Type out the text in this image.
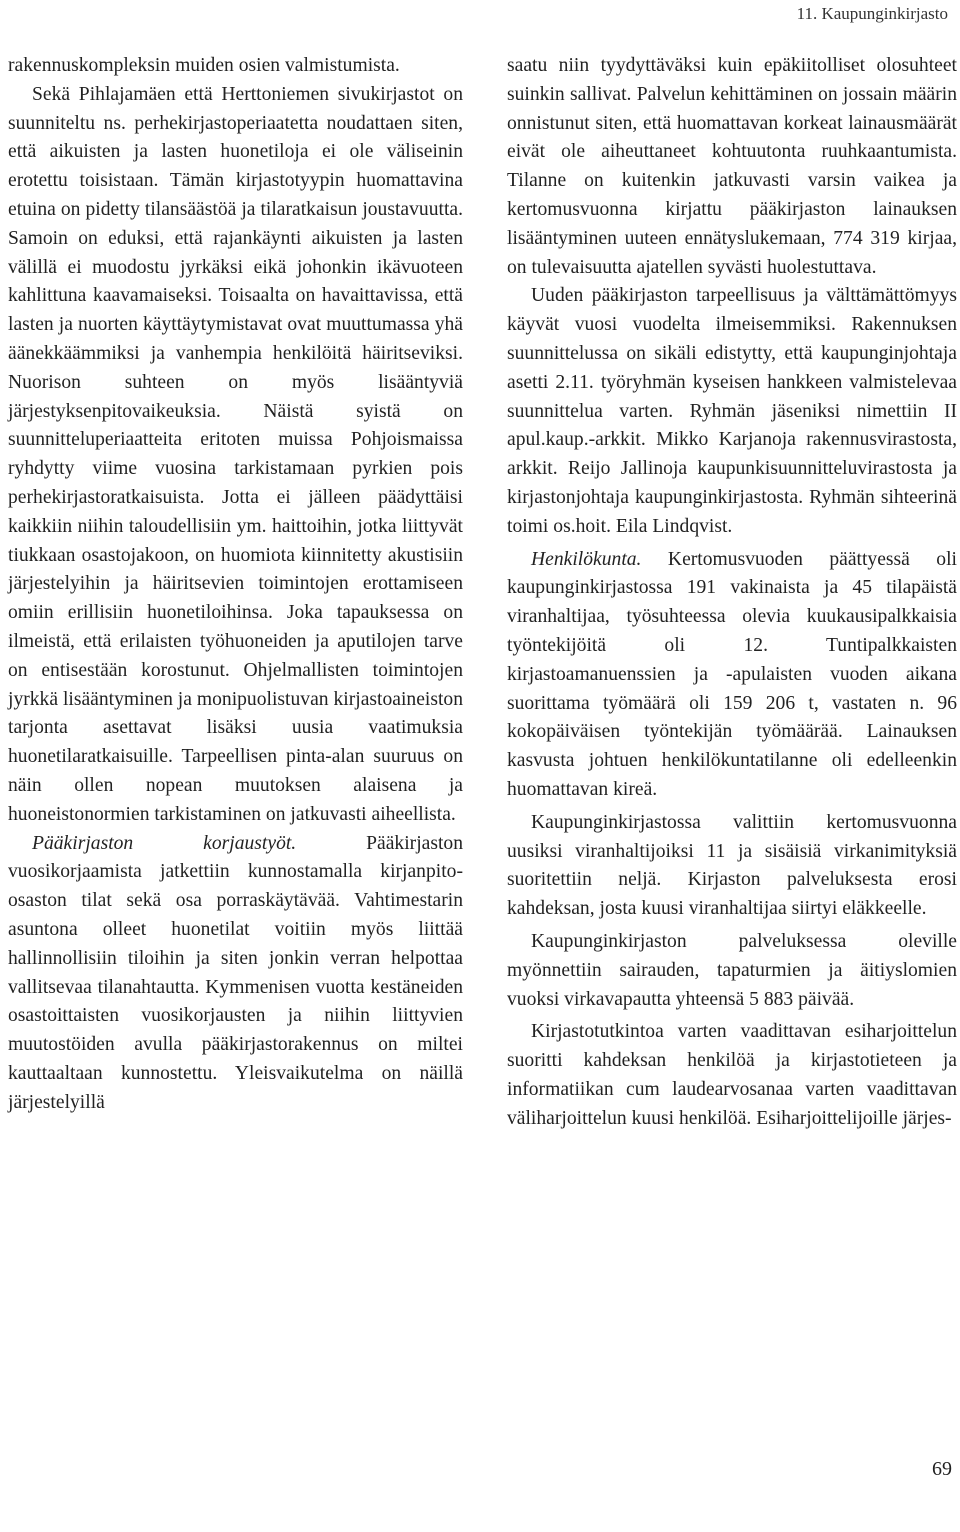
11. Kaupunginkirjasto

rakennuskompleksin muiden osien valmistumista.

Sekä Pihlajamäen että Herttoniemen sivukirjastot on suunniteltu ns. perhekirjastoperiaatetta noudattaen siten, että aikuisten ja lasten huonetiloja ei ole väliseinin erotettu toisistaan. Tämän kirjastotyypin huomattavina etuina on pidetty tilansäästöä ja tilaratkaisun joustavuutta. Samoin on eduksi, että rajankäynti aikuisten ja lasten välillä ei muodostu jyrkäksi eikä johonkin ikävuoteen kahlittuna kaavamaiseksi. Toisaalta on havaittavissa, että lasten ja nuorten käyttäytymistavat ovat muuttumassa yhä äänekkäämmiksi ja vanhempia henkilöitä häiritseviksi. Nuorison suhteen on myös lisääntyviä järjestyksenpitovaikeuksia. Näistä syistä on suunnitteluperiaatteita eritoten muissa Pohjoismaissa ryhdytty viime vuosina tarkistamaan pyrkien pois perhekirjastoratkaisuista. Jotta ei jälleen päädyttäisi kaikkiin niihin taloudellisiin ym. haittoihin, jotka liittyvät tiukkaan osastojakoon, on huomiota kiinnitetty akustisiin järjestelyihin ja häiritsevien toimintojen erottamiseen omiin erillisiin huonetiloihinsa. Joka tapauksessa on ilmeistä, että erilaisten työhuoneiden ja aputilojen tarve on entisestään korostunut. Ohjelmallisten toimintojen jyrkkä lisääntyminen ja monipuolistuvan kirjastoaineiston tarjonta asettavat lisäksi uusia vaatimuksia huonetilaratkaisuille. Tarpeellisen pinta-alan suuruus on näin ollen nopean muutoksen alaisena ja huoneistonormien tarkistaminen on jatkuvasti aiheellista.

Pääkirjaston korjaustyöt.	Pääkirjaston vuosikorjaamista jatkettiin kunnostamalla kirjanpito-osaston tilat sekä osa porraskäytävää. Vahtimestarin asuntona olleet huonetilat voitiin myös liittää hallinnollisiin tiloihin ja siten jonkin verran helpottaa vallitsevaa tilanahtautta. Kymmenisen vuotta kestäneiden osastoittaisten vuosikorjausten ja niihin liittyvien muutostöiden avulla pääkirjastorakennus on miltei kauttaaltaan kunnostettu. Yleisvaikutelma on näillä järjestelyillä

saatu niin tyydyttäväksi kuin epäkiitolliset olosuhteet suinkin sallivat. Palvelun kehittäminen on jossain määrin onnistunut siten, että huomattavan korkeat lainausmäärät eivät ole aiheuttaneet kohtuutonta ruuhkaantumista. Tilanne on kuitenkin jatkuvasti varsin vaikea ja kertomusvuonna kirjattu pääkirjaston lainauksen lisääntyminen uuteen ennätyslukemaan, 774 319 kirjaa, on tulevaisuutta ajatellen syvästi huolestuttava.

Uuden pääkirjaston tarpeellisuus ja välttämättömyys käyvät vuosi vuodelta ilmeisemmiksi. Rakennuksen suunnittelussa on sikäli edistytty, että kaupunginjohtaja asetti 2.11. työryhmän kyseisen hankkeen valmistelevaa suunnittelua varten. Ryhmän jäseniksi nimettiin II apul.kaup.-arkkit. Mikko Karjanoja rakennusvirastosta, arkkit. Reijo Jallinoja kaupunkisuunnitteluvirastosta ja kirjastonjohtaja kaupunginkirjastosta. Ryhmän sihteerinä toimi os.hoit. Eila Lindqvist.

Henkilökunta. Kertomusvuoden päättyessä oli kaupunginkirjastossa 191 vakinaista ja 45 tilapäistä viranhaltijaa, työsuhteessa olevia kuukausipalkkaisia työntekijöitä oli 12. Tuntipalkkaisten kirjastoamanuenssien ja -apulaisten vuoden aikana suorittama työmäärä oli 159 206 t, vastaten n. 96 kokopäiväisen työntekijän työmäärää. Lainauksen kasvusta johtuen henkilökuntatilanne oli edelleenkin huomattavan kireä.

Kaupunginkirjastossa valittiin kertomusvuonna uusiksi viranhaltijoiksi 11 ja sisäisiä virkanimityksiä suoritettiin neljä. Kirjaston palveluksesta erosi kahdeksan, josta kuusi viranhaltijaa siirtyi eläkkeelle.

Kaupunginkirjaston palveluksessa oleville myönnettiin sairauden, tapaturmien ja äitiyslomien vuoksi virkavapautta yhteensä 5 883 päivää.

Kirjastotutkintoa varten vaadittavan esiharjoittelun suoritti kahdeksan henkilöä ja kirjastotieteen ja informatiikan cum laudearvosanaa varten vaadittavan väliharjoittelun kuusi henkilöä. Esiharjoittelijoille järjes-

69
